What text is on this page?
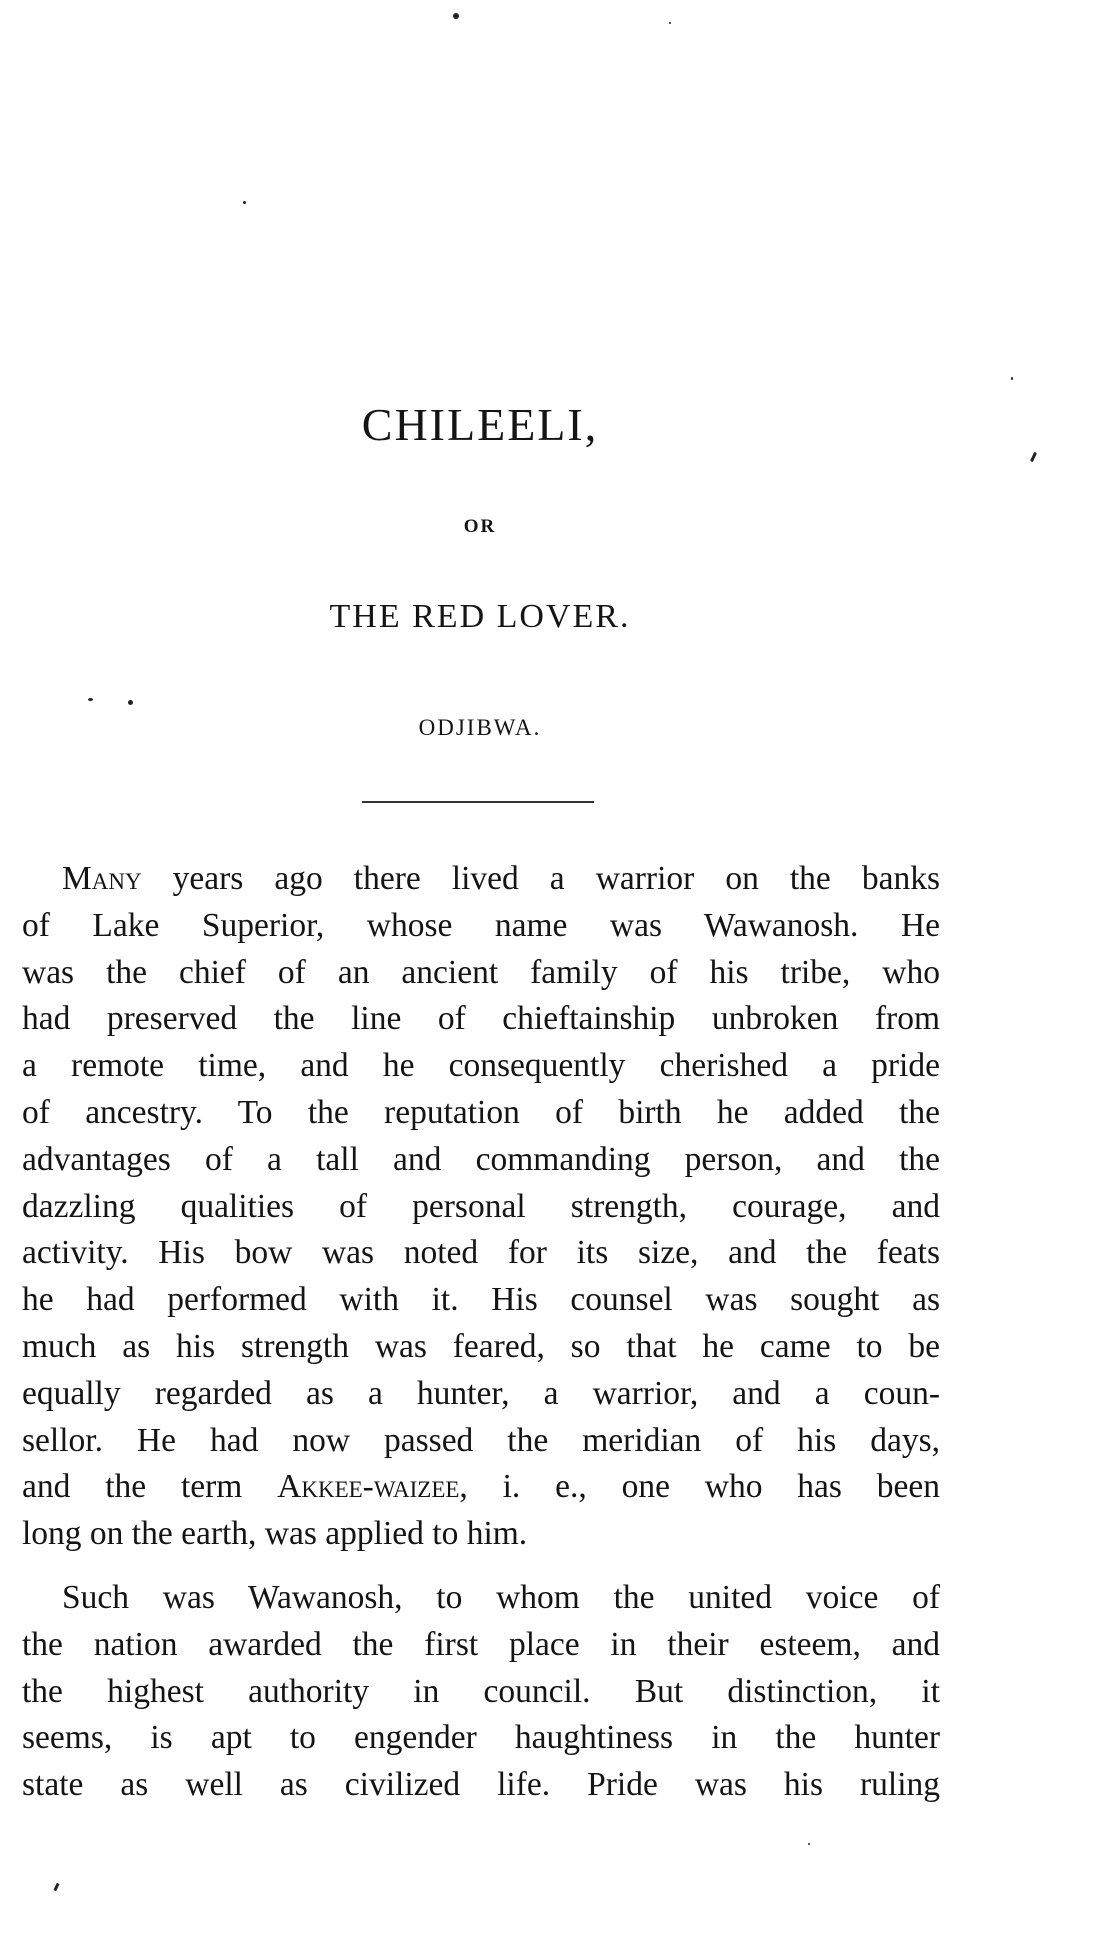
CHILEELI,
OR
THE RED LOVER.
ODJIBWA.
Many years ago there lived a warrior on the banks
of Lake Superior, whose name was Wawanosh. He
was the chief of an ancient family of his tribe, who
had preserved the line of chieftainship unbroken from
a remote time, and he consequently cherished a pride
of ancestry. To the reputation of birth he added the
advantages of a tall and commanding person, and the
dazzling qualities of personal strength, courage, and
activity. His bow was noted for its size, and the feats
he had performed with it. His counsel was sought as
much as his strength was feared, so that he came to be
equally regarded as a hunter, a warrior, and a coun-
sellor. He had now passed the meridian of his days,
and the term Akkee-waizee, i. e., one who has been
long on the earth, was applied to him.
Such was Wawanosh, to whom the united voice of
the nation awarded the first place in their esteem, and
the highest authority in council. But distinction, it
seems, is apt to engender haughtiness in the hunter
state as well as civilized life. Pride was his ruling
